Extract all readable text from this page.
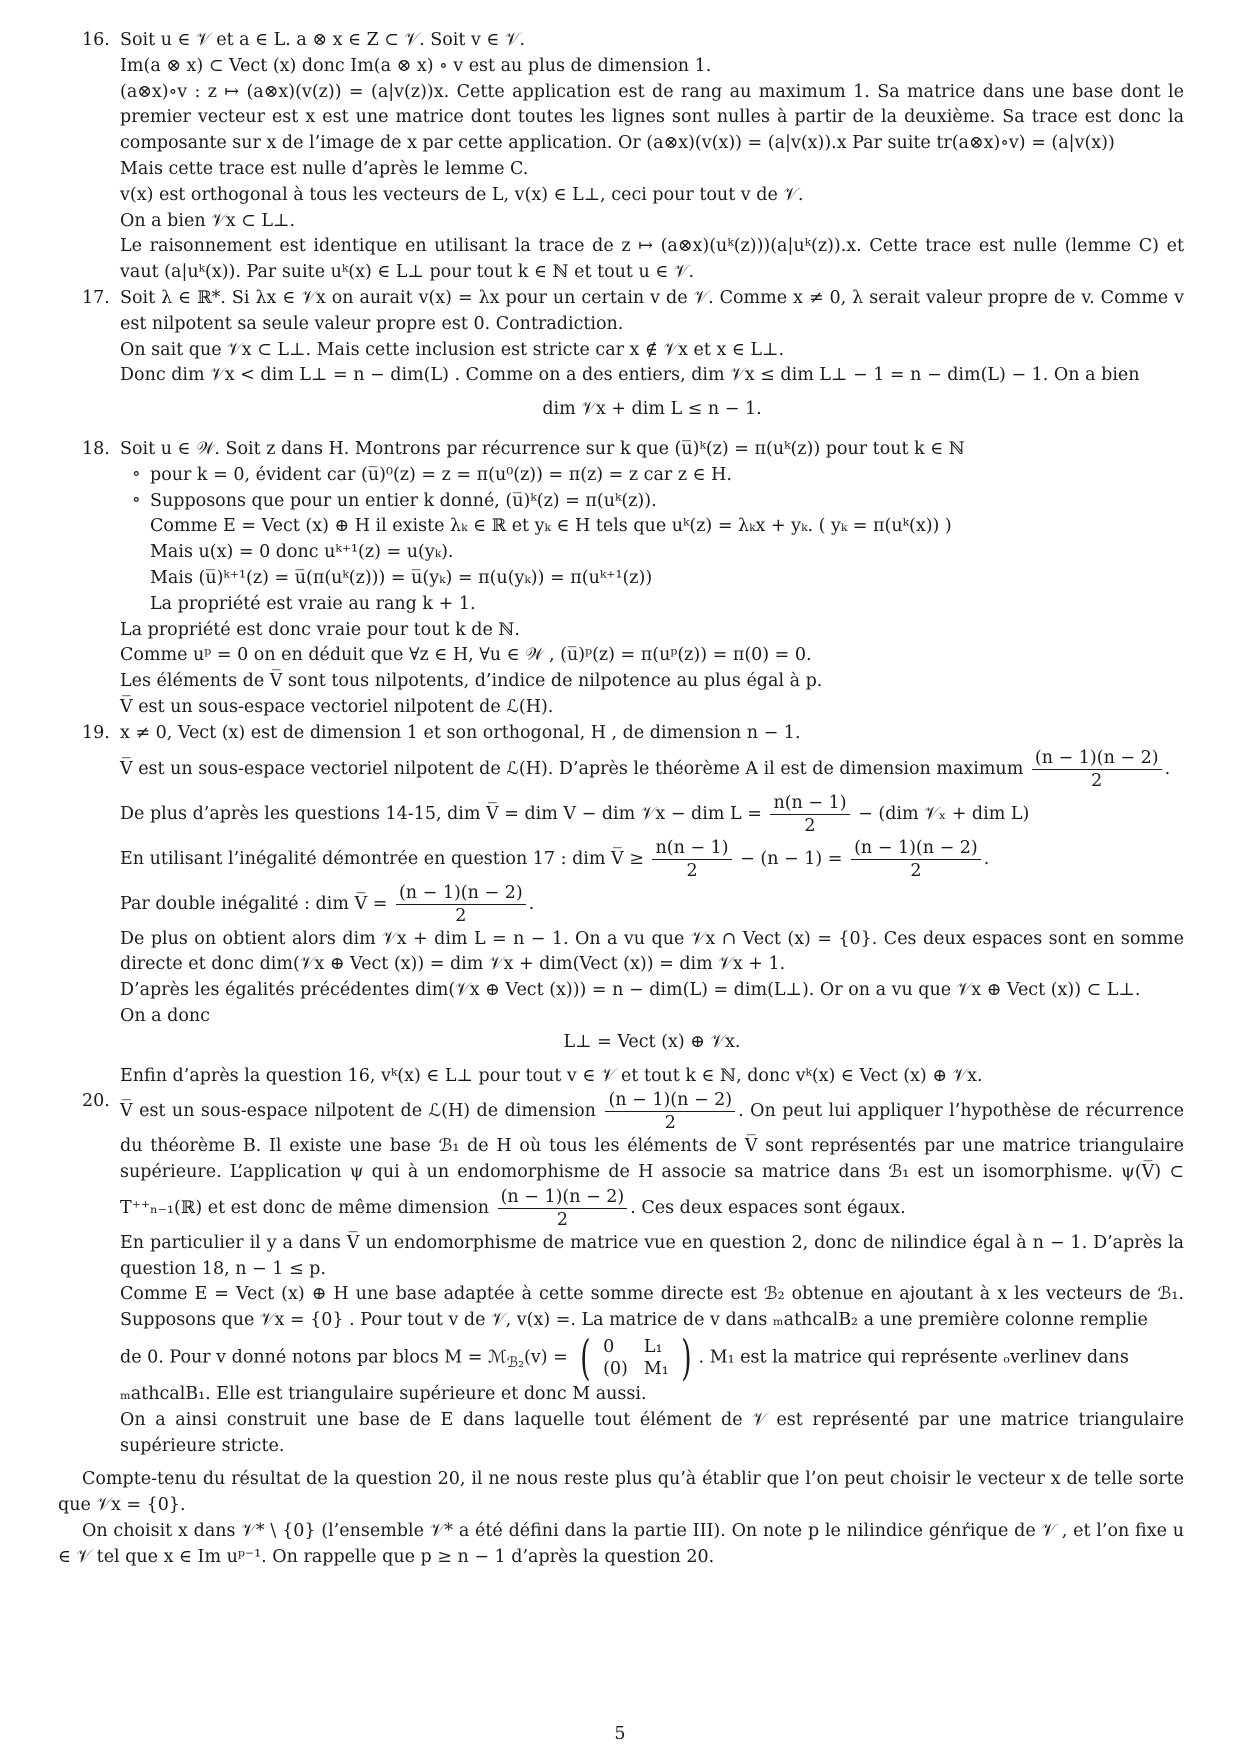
16. Soit u ∈ 𝒱 et a ∈ L. a ⊗ x ∈ Z ⊂ 𝒱. Soit v ∈ 𝒱.
Im(a ⊗ x) ⊂ Vect (x) donc Im(a ⊗ x) ∘ v est au plus de dimension 1.
(a⊗x)∘v : z ↦ (a⊗x)(v(z)) = (a|v(z))x. Cette application est de rang au maximum 1. Sa matrice dans une base dont le premier vecteur est x est une matrice dont toutes les lignes sont nulles à partir de la deuxième. Sa trace est donc la composante sur x de l’image de x par cette application. Or (a⊗x)(v(x)) = (a|v(x)).x Par suite tr(a⊗x)∘v) = (a|v(x))
Mais cette trace est nulle d’après le lemme C.
v(x) est orthogonal à tous les vecteurs de L, v(x) ∈ L⊥, ceci pour tout v de 𝒱.
On a bien 𝒱x ⊂ L⊥.
Le raisonnement est identique en utilisant la trace de z ↦ (a⊗x)(uᵏ(z)))(a|uᵏ(z)).x. Cette trace est nulle (lemme C) et vaut (a|uᵏ(x)). Par suite uᵏ(x) ∈ L⊥ pour tout k ∈ ℕ et tout u ∈ 𝒱.
17. Soit λ ∈ ℝ*. Si λx ∈ 𝒱x on aurait v(x) = λx pour un certain v de 𝒱. Comme x ≠ 0, λ serait valeur propre de v. Comme v est nilpotent sa seule valeur propre est 0. Contradiction.
On sait que 𝒱x ⊂ L⊥. Mais cette inclusion est stricte car x ∉ 𝒱x et x ∈ L⊥.
Donc dim 𝒱x < dim L⊥ = n − dim(L) . Comme on a des entiers, dim 𝒱x ≤ dim L⊥ − 1 = n − dim(L) − 1. On a bien
dim 𝒱x + dim L ≤ n − 1.
18. Soit u ∈ 𝒲. Soit z dans H. Montrons par récurrence sur k que (u̅)ᵏ(z) = π(uᵏ(z)) pour tout k ∈ ℕ
∘ pour k = 0, évident car (u̅)⁰(z) = z = π(u⁰(z)) = π(z) = z car z ∈ H.
∘ Supposons que pour un entier k donné, (u̅)ᵏ(z) = π(uᵏ(z)).
Comme E = Vect (x) ⊕ H il existe λₖ ∈ ℝ et yₖ ∈ H tels que uᵏ(z) = λₖx + yₖ. ( yₖ = π(uᵏ(x)) )
Mais u(x) = 0 donc uᵏ⁺¹(z) = u(yₖ).
Mais (u̅)ᵏ⁺¹(z) = u̅(π(uᵏ(z))) = u̅(yₖ) = π(u(yₖ)) = π(uᵏ⁺¹(z))
La propriété est vraie au rang k + 1.
La propriété est donc vraie pour tout k de ℕ.
Comme uᵖ = 0 on en déduit que ∀z ∈ H, ∀u ∈ 𝒲 , (u̅)ᵖ(z) = π(uᵖ(z)) = π(0) = 0.
Les éléments de V̅ sont tous nilpotents, d’indice de nilpotence au plus égal à p.
V̅ est un sous-espace vectoriel nilpotent de ℒ(H).
19. x ≠ 0, Vect (x) est de dimension 1 et son orthogonal, H , de dimension n − 1.
V̅ est un sous-espace vectoriel nilpotent de ℒ(H). D’après le théorème A il est de dimension maximum $\frac{(n - 1)(n - 2)}{2}$ .
De plus d’après les questions 14-15, dim V̅ = dim V − dim 𝒱x − dim $L = \frac{n(n - 1)}{2} - (dim$ 𝒱ₓ + dim L)
En utilisant l’inégalité démontrée en question 17 : dim V̅ ≥ $\frac{n(n - 1)}{2} - (n - 1) = \frac{(n - 1)(n - 2)}{2}$ .
Par double inégalité : dim V̅ = $\frac{(n - 1)(n - 2)}{2}$ .
De plus on obtient alors dim 𝒱x + dim L = n − 1. On a vu que 𝒱x ∩ Vect (x) = {0}. Ces deux espaces sont en somme directe et donc dim(𝒱x ⊕ Vect (x)) = dim 𝒱x + dim(Vect (x)) = dim 𝒱x + 1.
D’après les égalités précédentes dim(𝒱x ⊕ Vect (x))) = n − dim(L) = dim(L⊥). Or on a vu que 𝒱x ⊕ Vect (x)) ⊂ L⊥.
On a donc
L⊥ = Vect (x) ⊕ 𝒱x.
Enfin d’après la question 16, vᵏ(x) ∈ L⊥ pour tout v ∈ 𝒱 et tout k ∈ ℕ, donc vᵏ(x) ∈ Vect (x) ⊕ 𝒱x.
20. V̅ est un sous-espace nilpotent de ℒ(H) de dimension $\frac{(n - 1)(n - 2)}{2}$ . On peut lui appliquer l’hypothèse de récurrence du théorème B. Il existe une base ℬ₁ de H où tous les éléments de V̅ sont représentés par une matrice triangulaire supérieure. L’application ψ qui à un endomorphisme de H associe sa matrice dans ℬ₁ est un isomorphisme. ψ(V̅) ⊂ T⁺⁺ₙ₋₁(ℝ) et est donc de même dimension $\frac{(n - 1)(n - 2)}{2}$ . Ces deux espaces sont égaux.
En particulier il y a dans V̅ un endomorphisme de matrice vue en question 2, donc de nilindice égal à n − 1. D’après la question 18, n − 1 ≤ p.
Comme E = Vect (x) ⊕ H une base adaptée à cette somme directe est ℬ₂ obtenue en ajoutant à x les vecteurs de ℬ₁. Supposons que 𝒱x = {0} . Pour tout v de 𝒱, v(x) =. La matrice de v dans ₘathcalB₂ a une première colonne remplie
de 0. Pour v donné notons par blocs M = ℳ$_{ℬ_2}$(v) = ( 0	L₁
(0)	M₁ ) . M₁ est la matrice qui représente ₒverlinev dans
ₘathcalB₁. Elle est triangulaire supérieure et donc M aussi.
On a ainsi construit une base de E dans laquelle tout élément de 𝒱 est représenté par une matrice triangulaire supérieure stricte.
Compte-tenu du résultat de la question 20, il ne nous reste plus qu’à établir que l’on peut choisir le vecteur x de telle sorte que 𝒱x = {0}.
On choisit x dans 𝒱* \ {0} (l’ensemble 𝒱* a été défini dans la partie III). On note p le nilindice génŕique de 𝒱 , et l’on fixe u ∈ 𝒱 tel que x ∈ Im uᵖ⁻¹. On rappelle que p ≥ n − 1 d’après la question 20.
5
